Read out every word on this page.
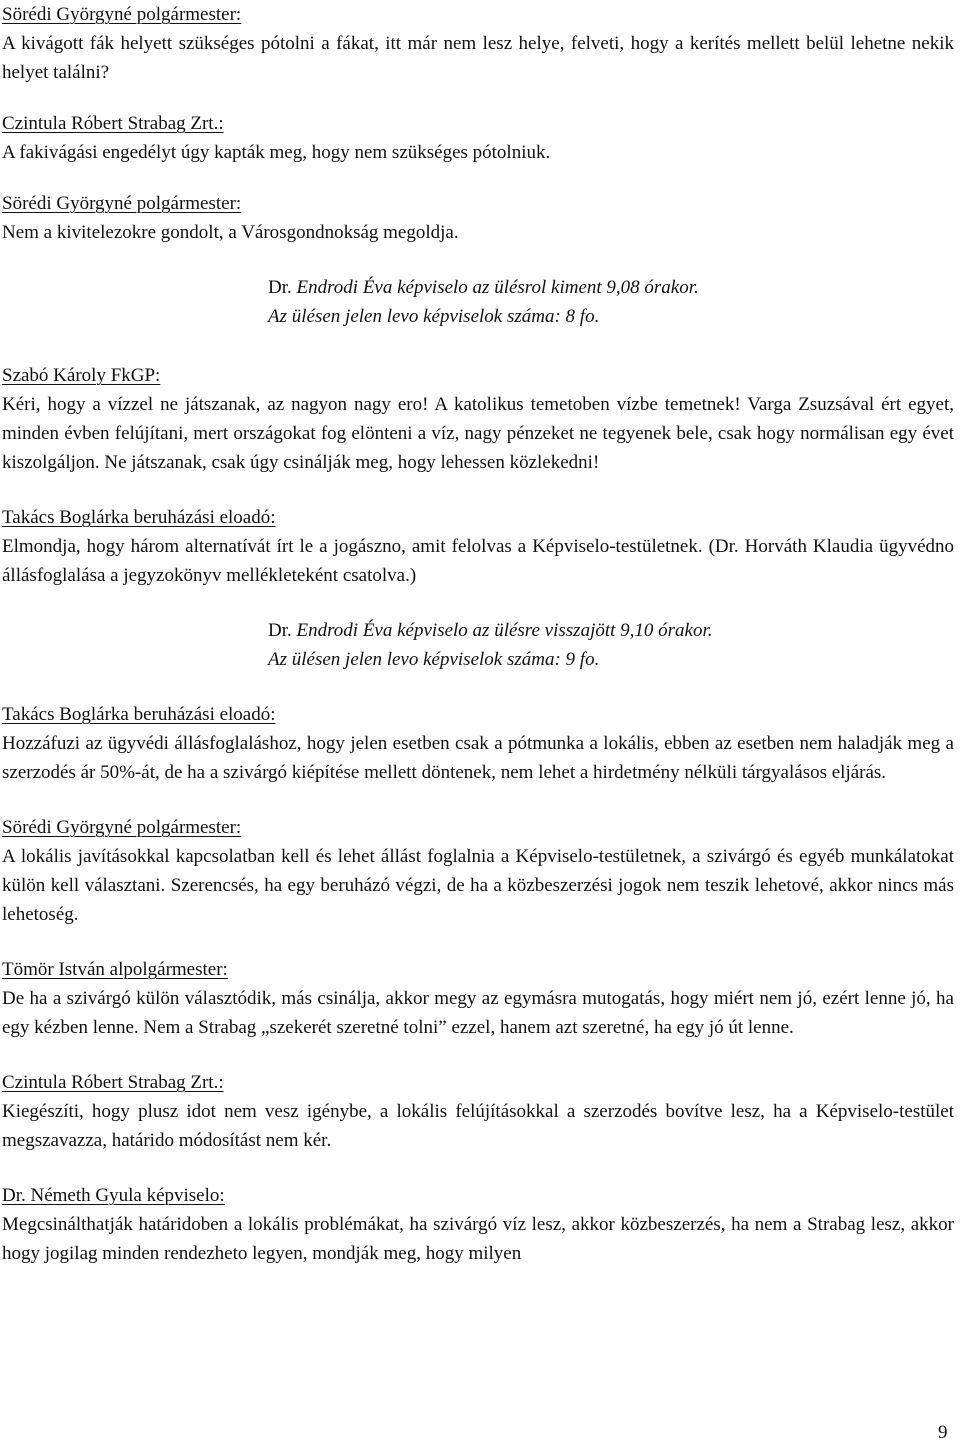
Sörédi Györgyné polgármester:

A kivágott fák helyett szükséges pótolni a fákat, itt már nem lesz helye, felveti, hogy a kerítés mellett belül lehetne nekik helyet találni?

Czintula Róbert Strabag Zrt.:

A fakivágási engedélyt úgy kapták meg, hogy nem szükséges pótolniuk.

Sörédi Györgyné polgármester:

Nem a kivitelezokre gondolt, a Városgondnokság megoldja.

Dr. Endrodi Éva képviselo az ülésrol kiment 9,08 órakor.

Az ülésen jelen levo képviselok száma: 8 fo.

Szabó Károly FkGP:

Kéri, hogy a vízzel ne játszanak, az nagyon nagy ero! A katolikus temetoben vízbe temetnek! Varga Zsuzsával ért egyet, minden évben felújítani, mert országokat fog elönteni a víz, nagy pénzeket ne tegyenek bele, csak hogy normálisan egy évet kiszolgáljon. Ne játszanak, csak úgy csinálják meg, hogy lehessen közlekedni!

Takács Boglárka beruházási eloadó:

Elmondja, hogy három alternatívát írt le a jogászno, amit felolvas a Képviselo-testületnek. (Dr. Horváth Klaudia ügyvédno állásfoglalása a jegyzokönyv mellékleteként csatolva.)

Dr. Endrodi Éva képviselo az ülésre visszajött 9,10 órakor.

Az ülésen jelen levo képviselok száma: 9 fo.

Takács Boglárka beruházási eloadó:

Hozzáfuzi az ügyvédi állásfoglaláshoz, hogy jelen esetben csak a pótmunka a lokális, ebben az esetben nem haladják meg a szerzodés ár 50%-át, de ha a szivárgó kiépítése mellett döntenek, nem lehet a hirdetmény nélküli tárgyalásos eljárás.

Sörédi Györgyné polgármester:

A lokális javításokkal kapcsolatban kell és lehet állást foglalnia a Képviselo-testületnek, a szivárgó és egyéb munkálatokat külön kell választani. Szerencsés, ha egy beruházó végzi, de ha a közbeszerzési jogok nem teszik lehetové, akkor nincs más lehetoség.

Tömör István alpolgármester:

De ha a szivárgó külön választódik, más csinálja, akkor megy az egymásra mutogatás, hogy miért nem jó, ezért lenne jó, ha egy kézben lenne. Nem a Strabag „szekerét szeretné tolni” ezzel, hanem azt szeretné, ha egy jó út lenne.

Czintula Róbert Strabag Zrt.:

Kiegészíti, hogy plusz idot nem vesz igénybe, a lokális felújításokkal a szerzodés bovítve lesz, ha a Képviselo-testület megszavazza, határido módosítást nem kér.

Dr. Németh Gyula képviselo:

Megcsinálthatják határidoben a lokális problémákat, ha szivárgó víz lesz, akkor közbeszerzés, ha nem a Strabag lesz, akkor hogy jogilag minden rendezheto legyen, mondják meg, hogy milyen

9
